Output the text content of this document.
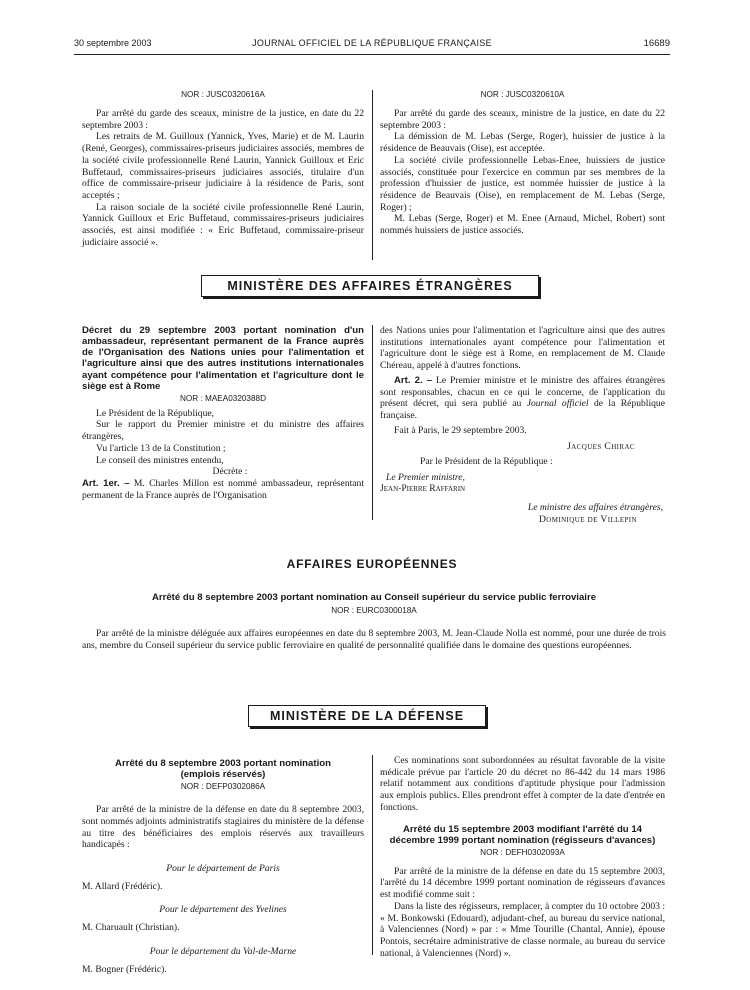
30 septembre 2003	JOURNAL OFFICIEL DE LA RÉPUBLIQUE FRANÇAISE	16689
NOR : JUSC0320616A

Par arrêté du garde des sceaux, ministre de la justice, en date du 22 septembre 2003 :

Les retraits de M. Guilloux (Yannick, Yves, Marie) et de M. Laurin (René, Georges), commissaires-priseurs judiciaires associés, membres de la société civile professionnelle René Laurin, Yannick Guilloux et Eric Buffetaud, commissaires-priseurs judiciaires associés, titulaire d'un office de commissaire-priseur judiciaire à la résidence de Paris, sont acceptés ;

La raison sociale de la société civile professionnelle René Laurin, Yannick Guilloux et Eric Buffetaud, commissaires-priseurs judiciaires associés, est ainsi modifiée : « Eric Buffetaud, commissaire-priseur judiciaire associé ».

NOR : JUSC0320610A

Par arrêté du garde des sceaux, ministre de la justice, en date du 22 septembre 2003 :

La démission de M. Lebas (Serge, Roger), huissier de justice à la résidence de Beauvais (Oise), est acceptée.

La société civile professionnelle Lebas-Enee, huissiers de justice associés, constituée pour l'exercice en commun par ses membres de la profession d'huissier de justice, est nommée huissier de justice à la résidence de Beauvais (Oise), en remplacement de M. Lebas (Serge, Roger) ;

M. Lebas (Serge, Roger) et M. Enee (Arnaud, Michel, Robert) sont nommés huissiers de justice associés.

MINISTÈRE DES AFFAIRES ÉTRANGÈRES
Décret du 29 septembre 2003 portant nomination d'un ambassadeur, représentant permanent de la France auprès de l'Organisation des Nations unies pour l'alimentation et l'agriculture ainsi que des autres institutions internationales ayant compétence pour l'alimentation et l'agriculture dont le siège est à Rome
NOR : MAEA0320388D

Le Président de la République,

Sur le rapport du Premier ministre et du ministre des affaires étrangères,

Vu l'article 13 de la Constitution ;

Le conseil des ministres entendu,

Décrète :

Art. 1er. – M. Charles Millon est nommé ambassadeur, représentant permanent de la France auprès de l'Organisation

des Nations unies pour l'alimentation et l'agriculture ainsi que des autres institutions internationales ayant compétence pour l'alimentation et l'agriculture dont le siège est à Rome, en remplacement de M. Claude Chéreau, appelé à d'autres fonctions.

Art. 2. – Le Premier ministre et le ministre des affaires étrangères sont responsables, chacun en ce qui le concerne, de l'application du présent décret, qui sera publié au Journal officiel de la République française.

Fait à Paris, le 29 septembre 2003.

Jacques Chirac
Par le Président de la République :
Le Premier ministre,
Jean-Pierre Raffarin
Le ministre des affaires étrangères,
Dominique de Villepin
AFFAIRES EUROPÉENNES
Arrêté du 8 septembre 2003 portant nomination au Conseil supérieur du service public ferroviaire
NOR : EURC0300018A

Par arrêté de la ministre déléguée aux affaires européennes en date du 8 septembre 2003, M. Jean-Claude Nolla est nommé, pour une durée de trois ans, membre du Conseil supérieur du service public ferroviaire en qualité de personnalité qualifiée dans le domaine des questions européennes.

MINISTÈRE DE LA DÉFENSE
Arrêté du 8 septembre 2003 portant nomination (emplois réservés)
NOR : DEFP0302086A

Par arrêté de la ministre de la défense en date du 8 septembre 2003, sont nommés adjoints administratifs stagiaires du ministère de la défense au titre des bénéficiaires des emplois réservés aux travailleurs handicapés :

Pour le département de Paris
M. Allard (Frédéric).
Pour le département des Yvelines
M. Charuault (Christian).
Pour le département du Val-de-Marne
M. Bogner (Frédéric).

Ces nominations sont subordonnées au résultat favorable de la visite médicale prévue par l'article 20 du décret no 86-442 du 14 mars 1986 relatif notamment aux conditions d'aptitude physique pour l'admission aux emplois publics. Elles prendront effet à compter de la date d'entrée en fonctions.

Arrêté du 15 septembre 2003 modifiant l'arrêté du 14 décembre 1999 portant nomination (régisseurs d'avances)
NOR : DEFH0302093A

Par arrêté de la ministre de la défense en date du 15 septembre 2003, l'arrêté du 14 décembre 1999 portant nomination de régisseurs d'avances est modifié comme suit :

Dans la liste des régisseurs, remplacer, à compter du 10 octobre 2003 : « M. Bonkowski (Edouard), adjudant-chef, au bureau du service national, à Valenciennes (Nord) » par : « Mme Tourille (Chantal, Annie), épouse Pontois, secrétaire administrative de classe normale, au bureau du service national, à Valenciennes (Nord) ».
